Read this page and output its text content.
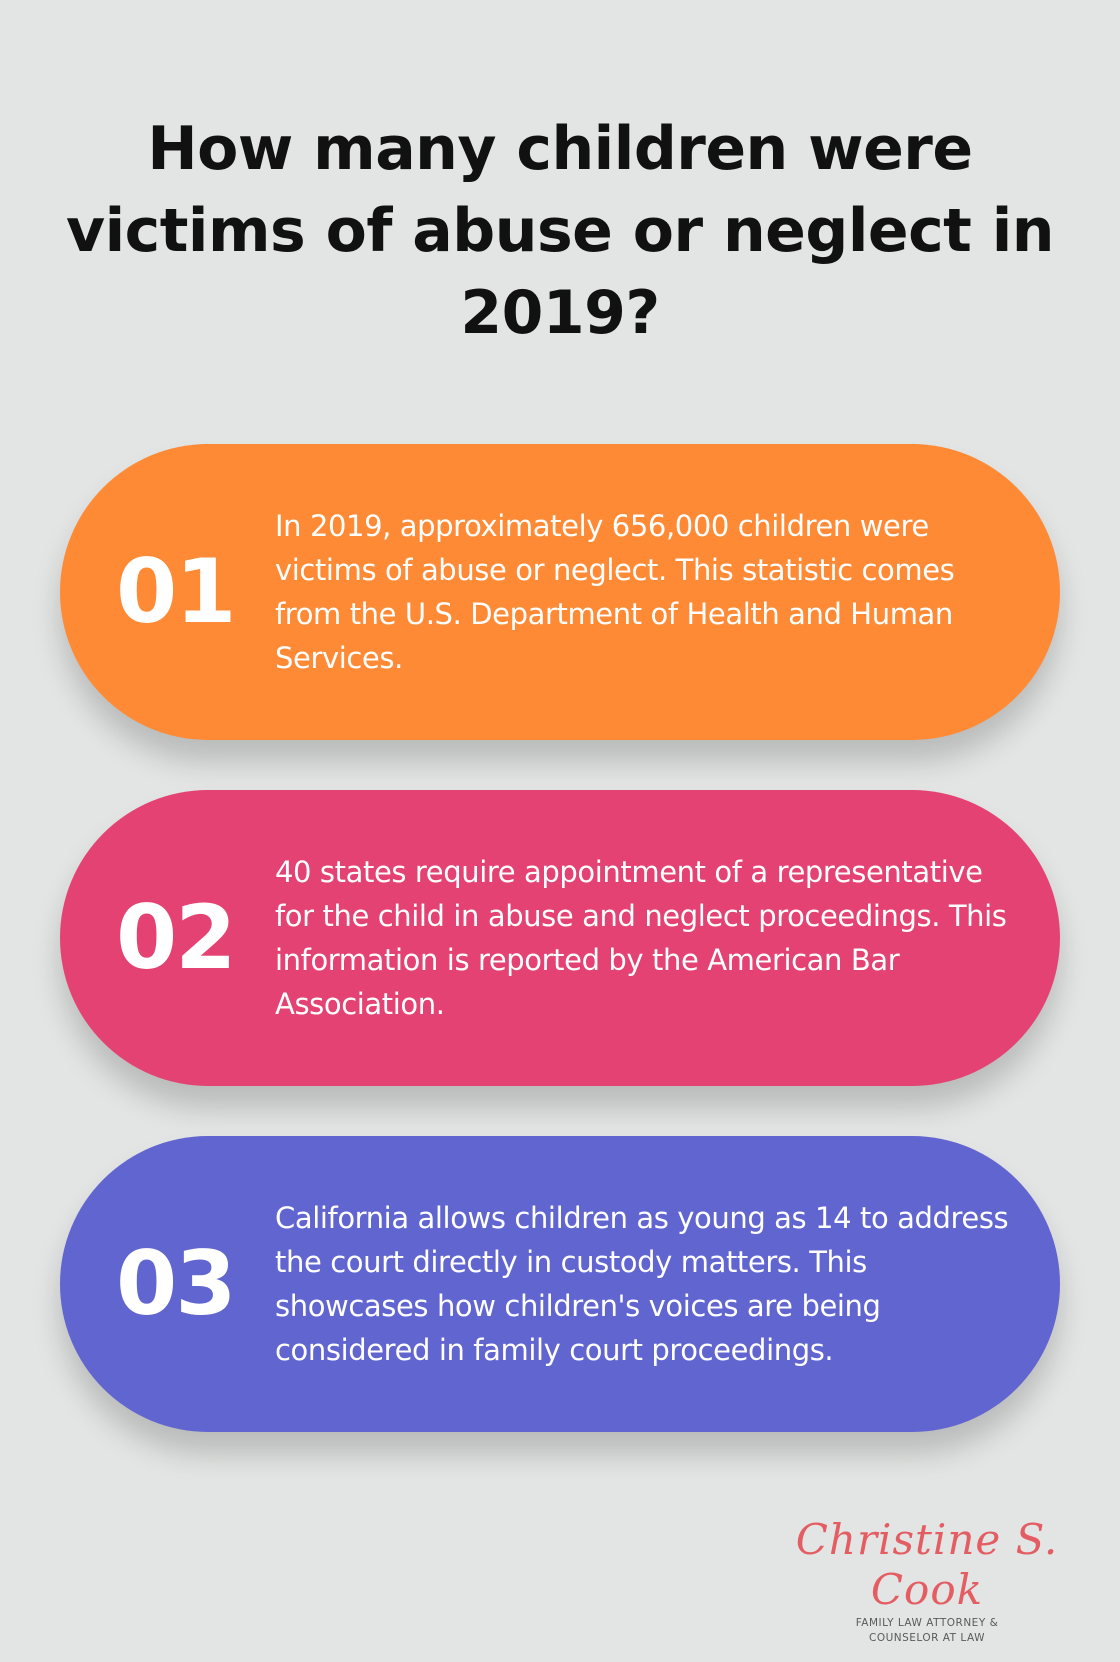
How many children were victims of abuse or neglect in 2019?
01

In 2019, approximately 656,000 children were victims of abuse or neglect. This statistic comes from the U.S. Department of Health and Human Services.

02

40 states require appointment of a representative for the child in abuse and neglect proceedings. This information is reported by the American Bar Association.

03

California allows children as young as 14 to address the court directly in custody matters. This showcases how children's voices are being considered in family court proceedings.

Christine S. Cook
FAMILY LAW ATTORNEY &
COUNSELOR AT LAW
